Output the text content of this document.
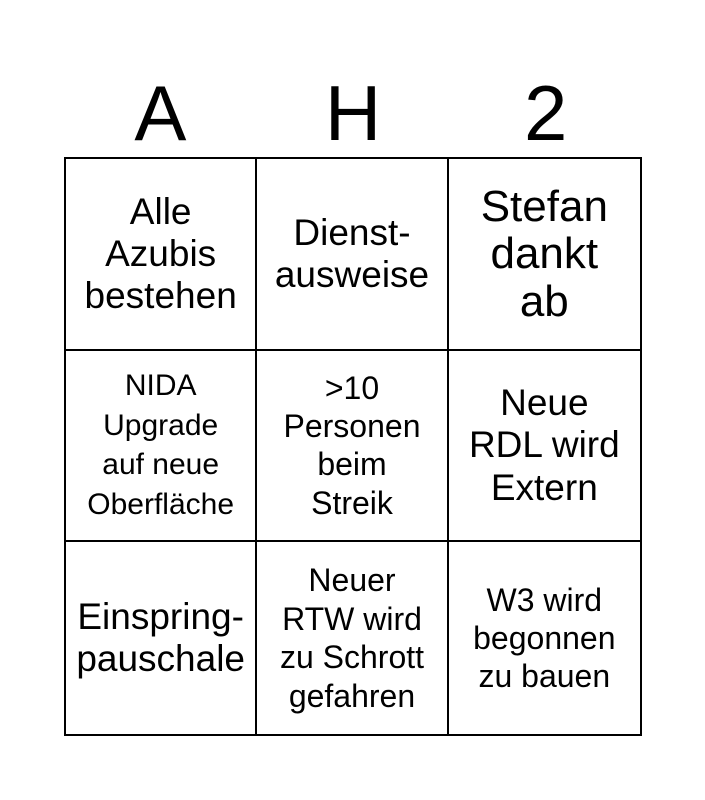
A	H	2
Alle
Azubis
bestehen
Dienst-
ausweise
Stefan
dankt
ab
NIDA
Upgrade
auf neue
Oberfläche
>10
Personen
beim
Streik
Neue
RDL wird
Extern
Einspring-
pauschale
Neuer
RTW wird
zu Schrott
gefahren
W3 wird
begonnen
zu bauen
